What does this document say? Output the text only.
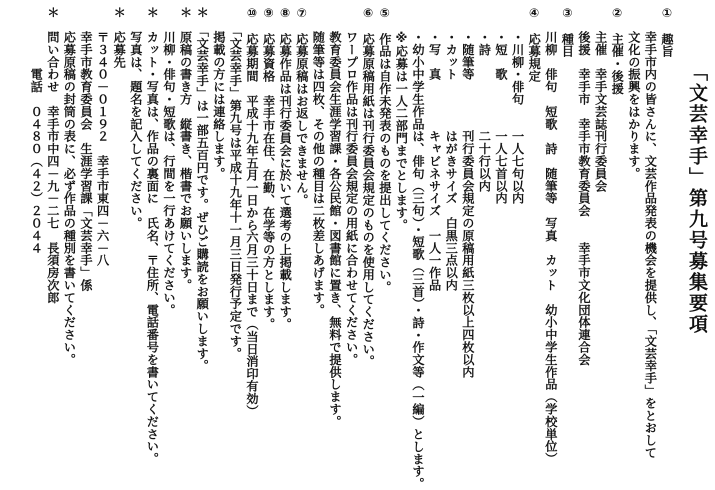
「文芸幸手」第九号募集要項
①　趣旨
　　幸手市内の皆さんに、文芸作品発表の機会を提供し、「文芸幸手」をとおして
　　文化の振興をはかります。
②　主催・後援
　　主催　幸手文芸誌刊行委員会
　　後援　幸手市　幸手市教育委員会　　幸手市文化団体連合会
③　種目
　　川柳　俳句　短歌　詩　随筆等　写真　カット　幼小中学生作品（学校単位）
④　応募規定
　　・川柳・俳句　　一人七句以内
　　・短　歌　　　　一人七首以内
　　・詩　　　　　　二十行以内
　　・随筆等　　　　刊行委員会規定の原稿用紙三枚以上四枚以内
　　・カット　　　　はがきサイズ　白黒三点以内
　　・写　真　　　　キャビネサイズ　一人一作品
　　・幼小中学生作品は、俳句（三句）・短歌（三首）・詩・作文等（一編）とします。
　　※応募は一人二部門までとします。
⑤　作品は自作未発表のものを提出してください。
⑥　応募原稿用紙は刊行委員会規定のものを使用してください。
　　ワープロ作品は刊行委員会規定の用紙に合わせてください。
　　教育委員会生涯学習課・各公民館・図書館に置き、無料で提供します。
　　随筆等は四枚、その他の種目は二枚差しあげます。
⑦　応募原稿はお返しできません。
⑧　応募作品は刊行委員会に於いて選考の上掲載します。
⑨　応募資格　幸手市在住、在勤、在学等の方とします。
⑩　応募期間　平成十九年五月一日から六月三十日まで（当日消印有効）
　　「文芸幸手」第九号は平成十九年十一月三日発行予定です。
　　掲載の方には連絡します。
＊　「文芸幸手」は一部五百円です。ぜひご購読をお願いします。
＊　原稿の書き方　縦書き、楷書でお願いします。
　　川柳・俳句・短歌は、行間を一行あけてください。
＊　カット・写真は、作品の裏面に　氏名、〒住所、電話番号を書いてください。
　　写真は、題名を記入してください。
＊　応募先
　　〒３４０－０１９２　幸手市東四－六－八
　　幸手市教育委員会　生涯学習課「文芸幸手」係
　　応募原稿の封筒の表に、必ず作品の種別を書いてください。
＊　問い合わせ　幸手市中四－九－二七　長須房次郎
　　　　　電話　０４８０（４２）２０４４
